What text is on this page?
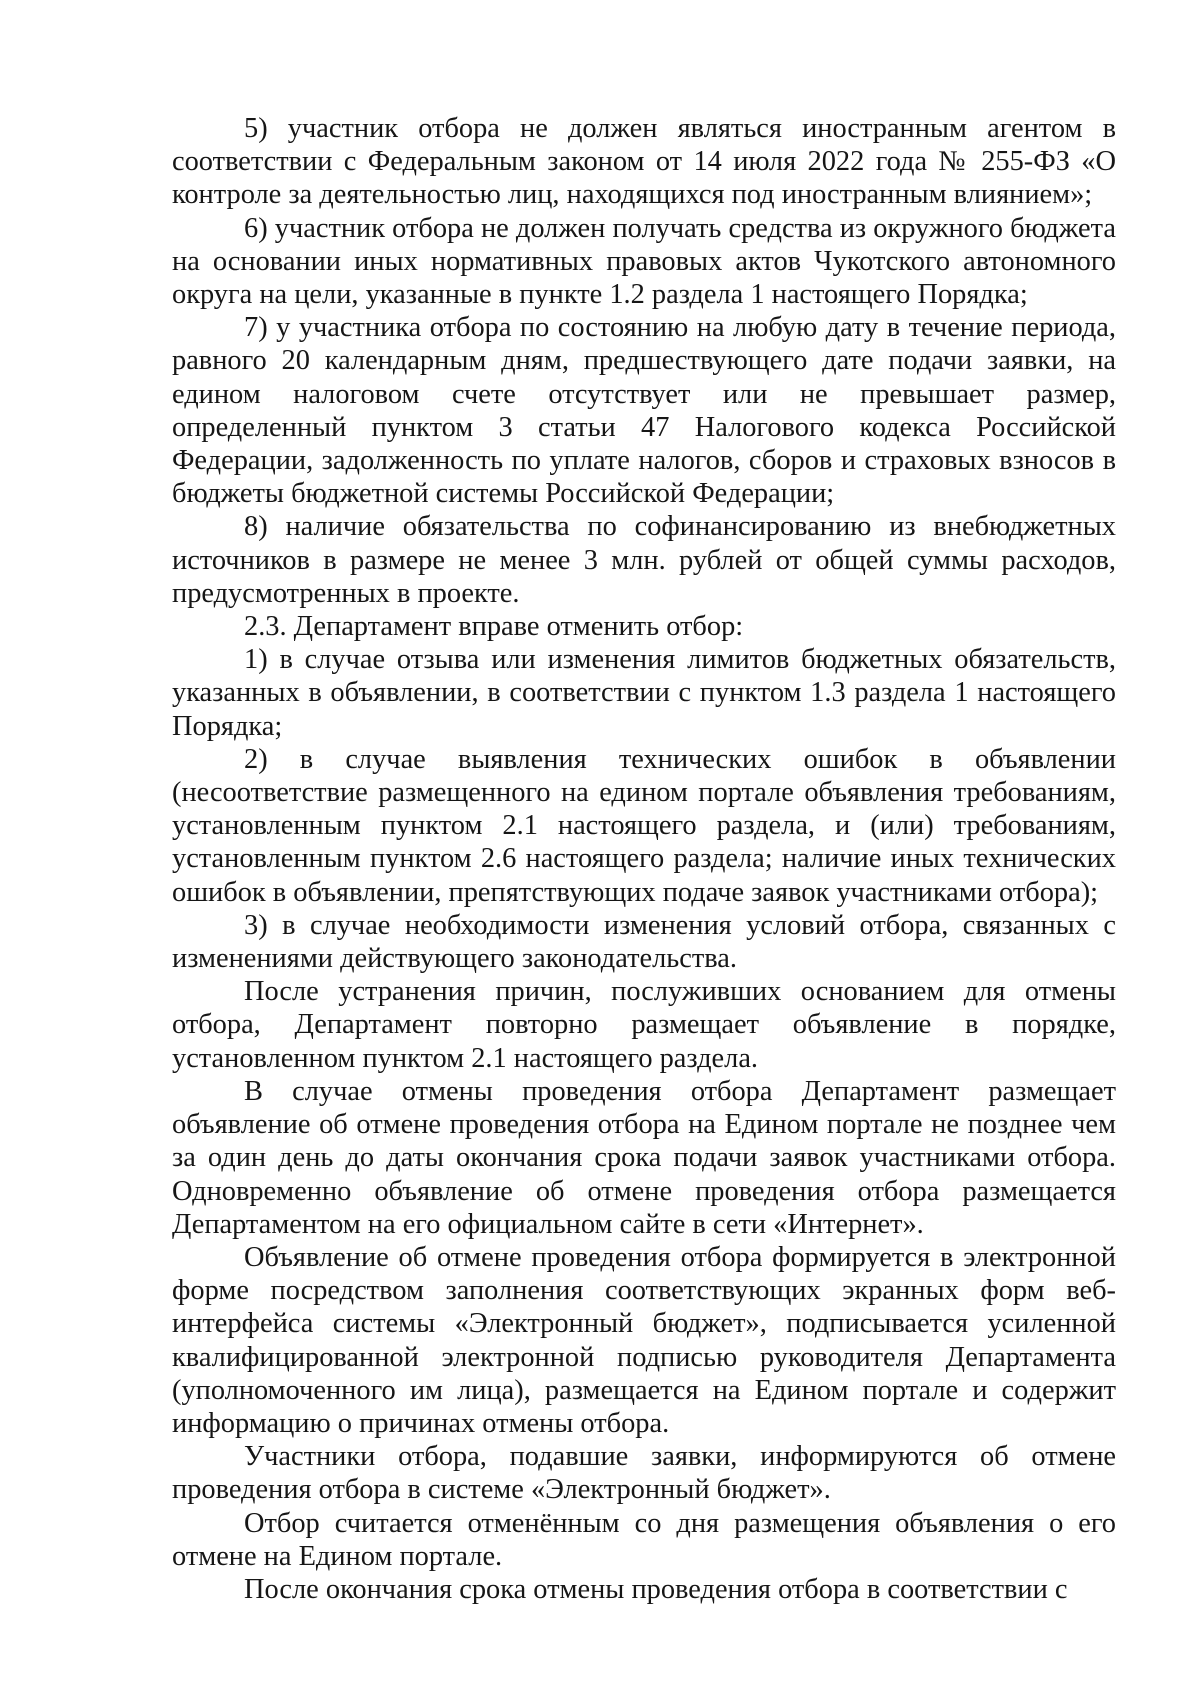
5) участник отбора не должен являться иностранным агентом в соответствии с Федеральным законом от 14 июля 2022 года № 255-ФЗ «О контроле за деятельностью лиц, находящихся под иностранным влиянием»;

6) участник отбора не должен получать средства из окружного бюджета на основании иных нормативных правовых актов Чукотского автономного округа на цели, указанные в пункте 1.2 раздела 1 настоящего Порядка;

7) у участника отбора по состоянию на любую дату в течение периода, равного 20 календарным дням, предшествующего дате подачи заявки, на едином налоговом счете отсутствует или не превышает размер, определенный пунктом 3 статьи 47 Налогового кодекса Российской Федерации, задолженность по уплате налогов, сборов и страховых взносов в бюджеты бюджетной системы Российской Федерации;

8) наличие обязательства по софинансированию из внебюджетных источников в размере не менее 3 млн. рублей от общей суммы расходов, предусмотренных в проекте.

2.3. Департамент вправе отменить отбор:

1) в случае отзыва или изменения лимитов бюджетных обязательств, указанных в объявлении, в соответствии с пунктом 1.3 раздела 1 настоящего Порядка;

2) в случае выявления технических ошибок в объявлении (несоответствие размещенного на едином портале объявления требованиям, установленным пунктом 2.1 настоящего раздела, и (или) требованиям, установленным пунктом 2.6 настоящего раздела; наличие иных технических ошибок в объявлении, препятствующих подаче заявок участниками отбора);

3) в случае необходимости изменения условий отбора, связанных с изменениями действующего законодательства.

После устранения причин, послуживших основанием для отмены отбора, Департамент повторно размещает объявление в порядке, установленном пунктом 2.1 настоящего раздела.

В случае отмены проведения отбора Департамент размещает объявление об отмене проведения отбора на Едином портале не позднее чем за один день до даты окончания срока подачи заявок участниками отбора. Одновременно объявление об отмене проведения отбора размещается Департаментом на его официальном сайте в сети «Интернет».

Объявление об отмене проведения отбора формируется в электронной форме посредством заполнения соответствующих экранных форм веб-интерфейса системы «Электронный бюджет», подписывается усиленной квалифицированной электронной подписью руководителя Департамента (уполномоченного им лица), размещается на Едином портале и содержит информацию о причинах отмены отбора.

Участники отбора, подавшие заявки, информируются об отмене проведения отбора в системе «Электронный бюджет».

Отбор считается отменённым со дня размещения объявления о его отмене на Едином портале.

После окончания срока отмены проведения отбора в соответствии с
